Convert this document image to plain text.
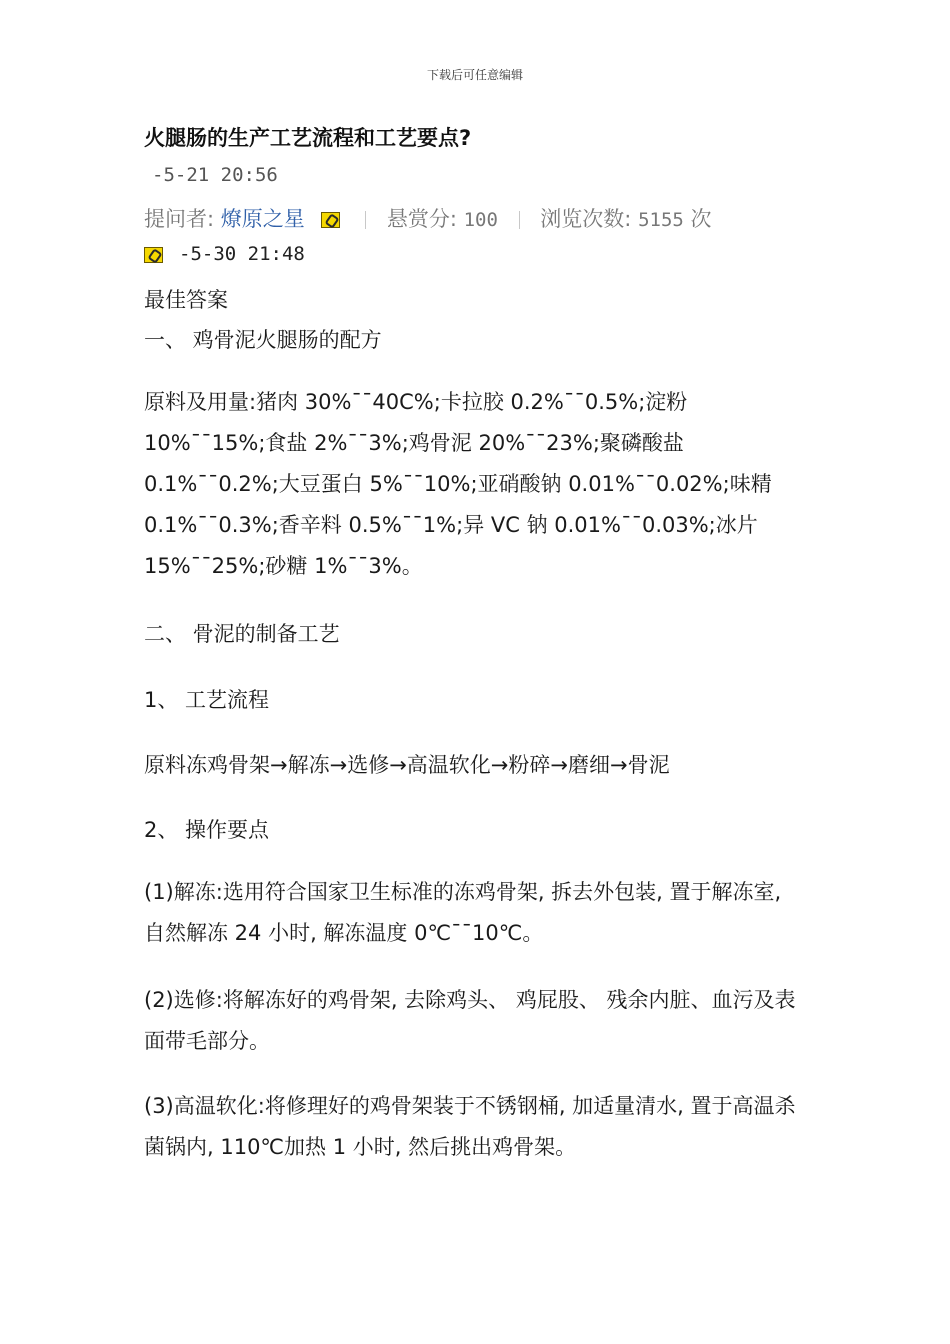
下载后可任意编辑
火腿肠的生产工艺流程和工艺要点?
-5-21 20:56
提问者: 燎原之星	悬赏分: 100 浏览次数: 5155 次
-5-30 21:48
最佳答案
一、 鸡骨泥火腿肠的配方
原料及用量:猪肉 30%¯¯40C%;卡拉胶 0.2%¯¯0.5%;淀粉 10%¯¯15%;食盐 2%¯¯3%;鸡骨泥 20%¯¯23%;聚磷酸盐 0.1%¯¯0.2%;大豆蛋白 5%¯¯10%;亚硝酸钠 0.01%¯¯0.02%;味精 0.1%¯¯0.3%;香辛料 0.5%¯¯1%;异 VC 钠 0.01%¯¯0.03%;冰片 15%¯¯25%;砂糖 1%¯¯3%。
二、 骨泥的制备工艺
1、 工艺流程
原料冻鸡骨架→解冻→选修→高温软化→粉碎→磨细→骨泥
2、 操作要点
(1)解冻:选用符合国家卫生标准的冻鸡骨架, 拆去外包装, 置于解冻室, 自然解冻 24 小时, 解冻温度 0℃¯¯10℃。
(2)选修:将解冻好的鸡骨架, 去除鸡头、 鸡屁股、 残余内脏、血污及表面带毛部分。
(3)高温软化:将修理好的鸡骨架装于不锈钢桶, 加适量清水, 置于高温杀菌锅内, 110℃加热 1 小时, 然后挑出鸡骨架。
